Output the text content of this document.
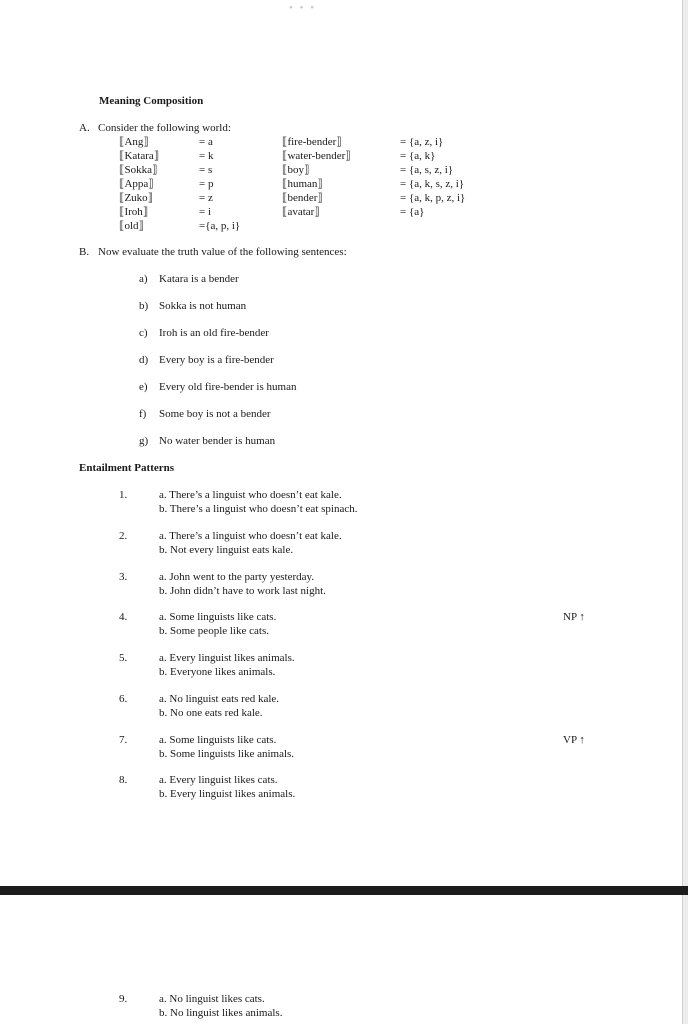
• • •
Meaning Composition
A. Consider the following world:
⟦Ang⟧	= a	⟦fire-bender⟧	= {a, z, i}
⟦Katara⟧	= k	⟦water-bender⟧	= {a, k}
⟦Sokka⟧	= s	⟦boy⟧	= {a, s, z, i}
⟦Appa⟧	= p	⟦human⟧	= {a, k, s, z, i}
⟦Zuko⟧	= z	⟦bender⟧	= {a, k, p, z, i}
⟦Iroh⟧	= i	⟦avatar⟧	= {a}
⟦old⟧	={a, p, i}
B. Now evaluate the truth value of the following sentences:
a) Katara is a bender
b) Sokka is not human
c) Iroh is an old fire-bender
d) Every boy is a fire-bender
e) Every old fire-bender is human
f) Some boy is not a bender
g) No water bender is human
Entailment Patterns
1.	a. There’s a linguist who doesn’t eat kale.
b. There’s a linguist who doesn’t eat spinach.
2.	a. There’s a linguist who doesn’t eat kale.
b. Not every linguist eats kale.
3.	a. John went to the party yesterday.
b. John didn’t have to work last night.
4.	a. Some linguists like cats.
b. Some people like cats.
NP ↑
5.	a. Every linguist likes animals.
b. Everyone likes animals.
6.	a. No linguist eats red kale.
b. No one eats red kale.
7.	a. Some linguists like cats.
b. Some linguists like animals.
VP ↑
8.	a. Every linguist likes cats.
b. Every linguist likes animals.
9.	a. No linguist likes cats.
b. No linguist likes animals.
